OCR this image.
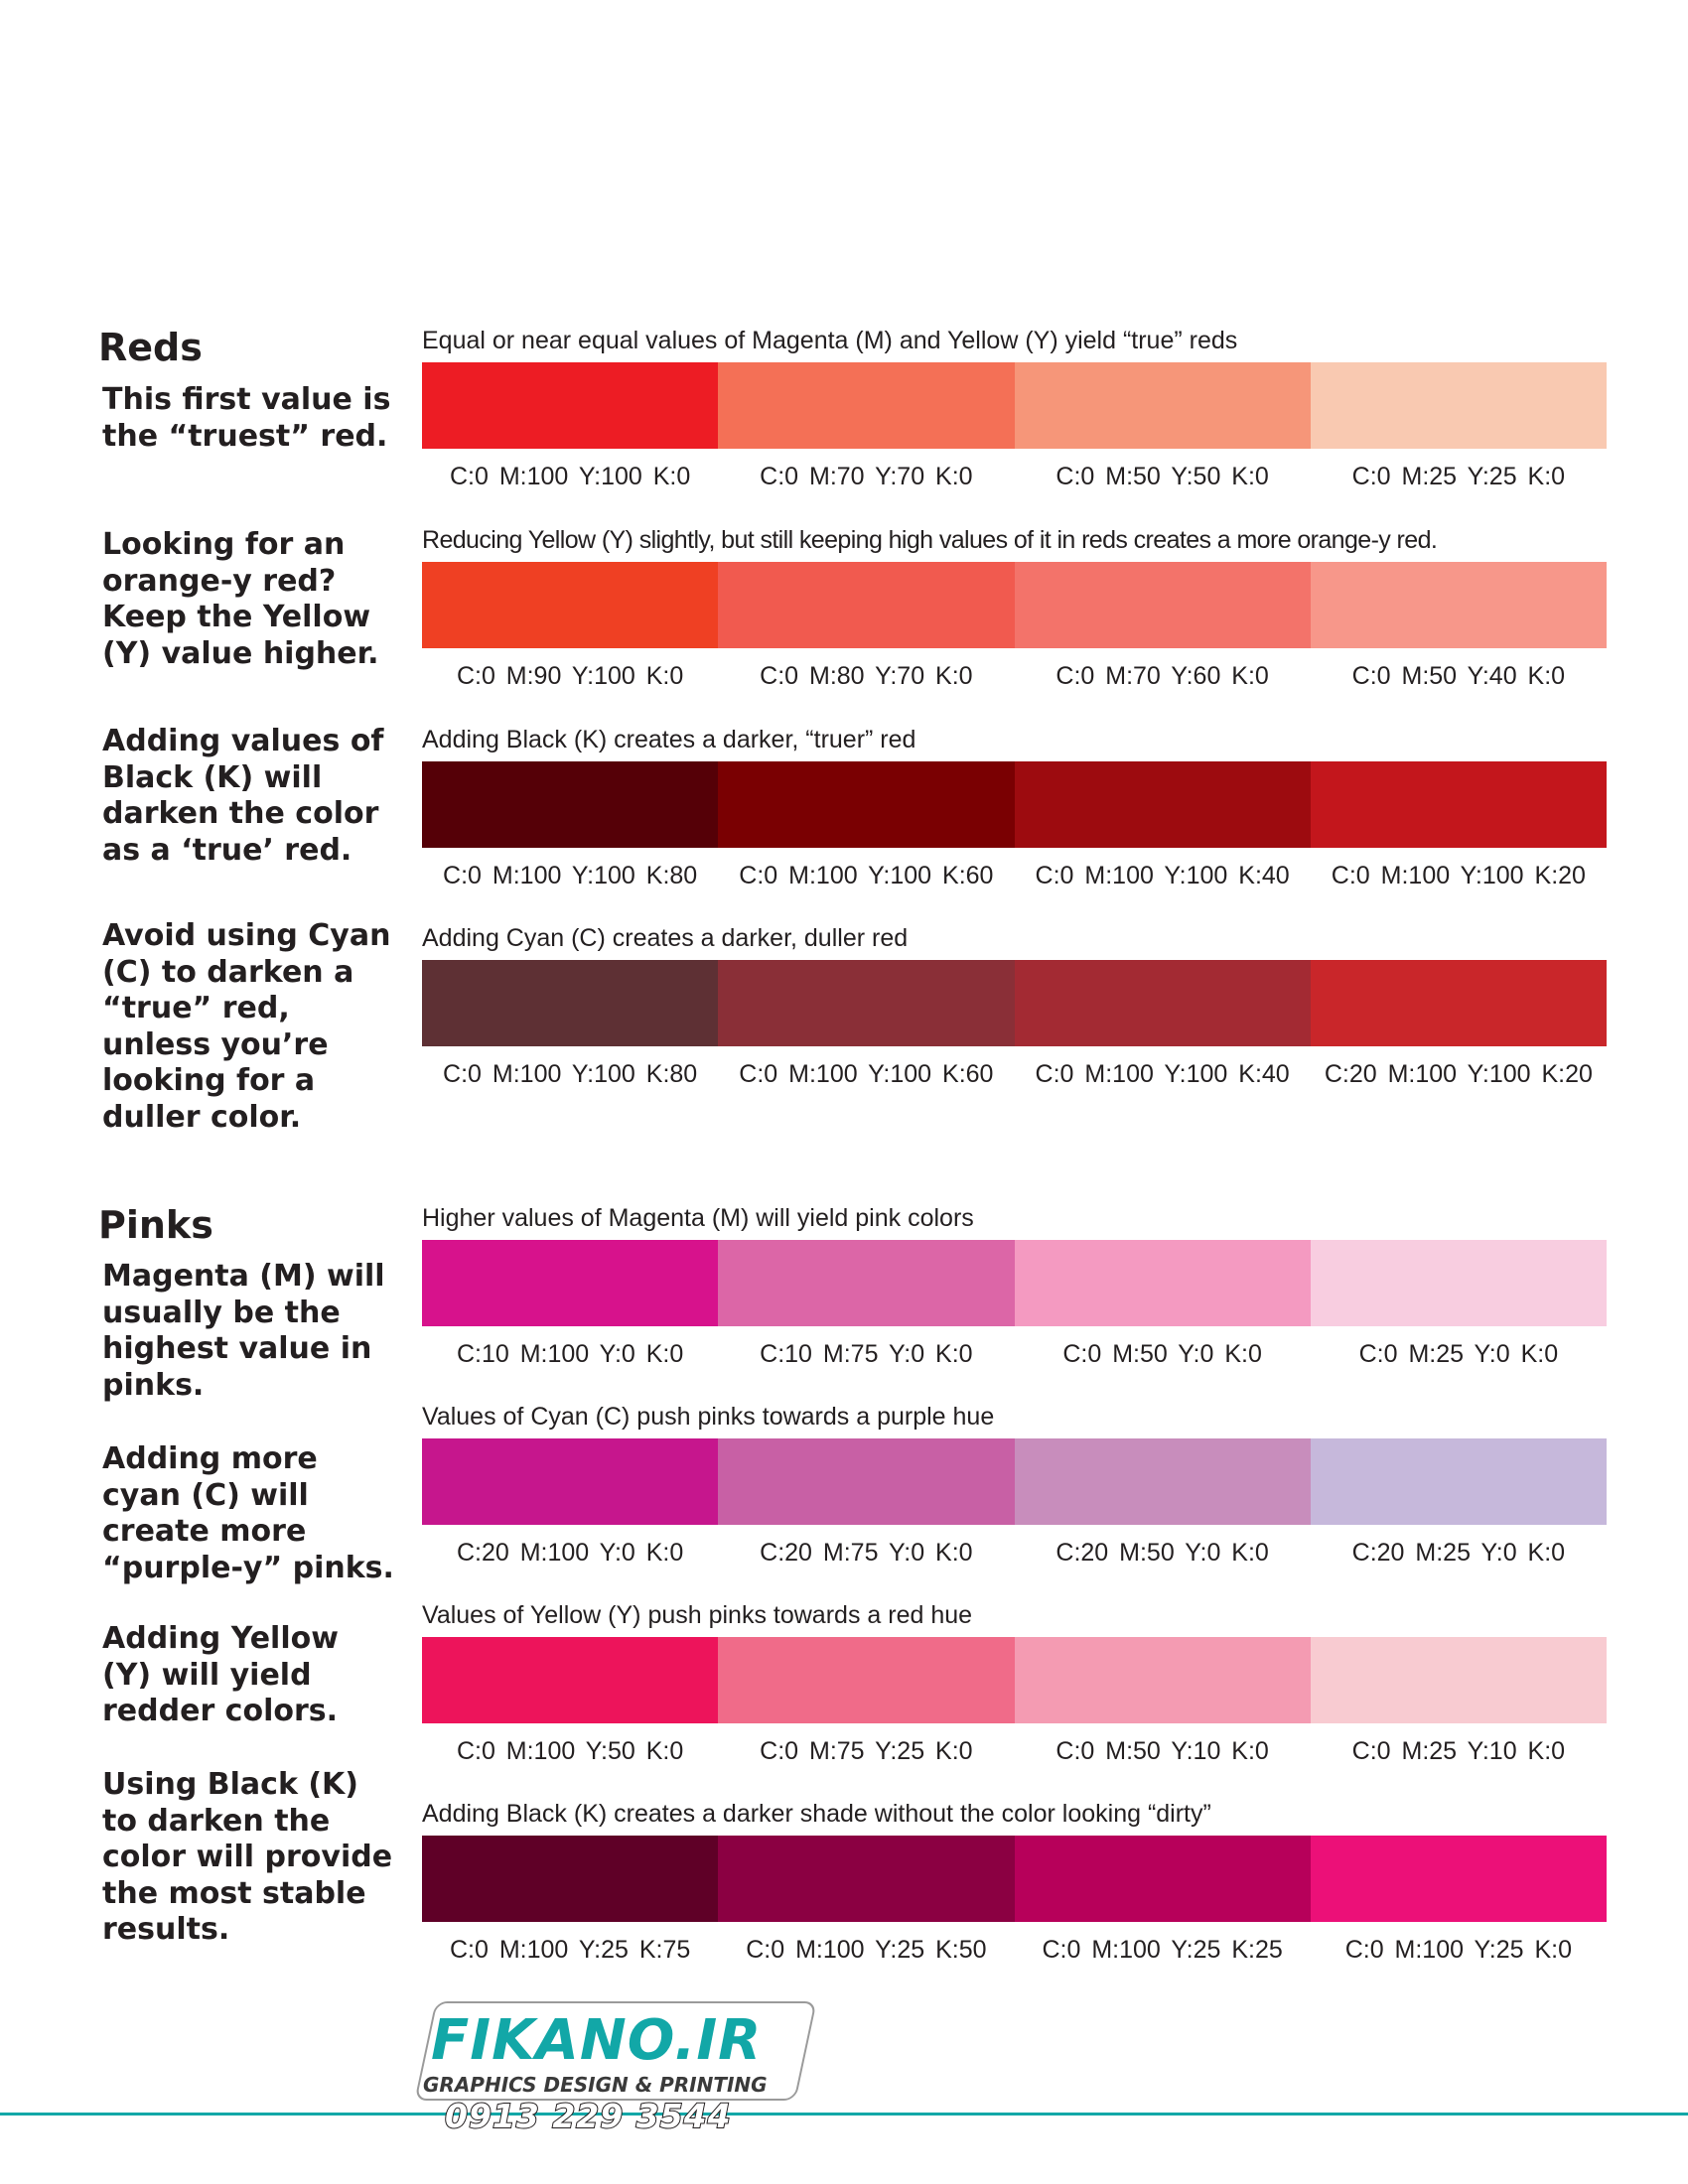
Reds
Pinks

This first value is the “truest” red.

Looking for an orange-y red? Keep the Yellow (Y) value higher.

Adding values of Black (K) will darken the color as a ‘true’ red.

Avoid using Cyan (C) to darken a “true” red, unless you’re looking for a duller color.

Magenta (M) will usually be the highest value in pinks.

Adding more cyan (C) will create more “purple-y” pinks.

Adding Yellow (Y) will yield redder colors.

Using Black (K) to darken the color will provide the most stable results.

Equal or near equal values of Magenta (M) and Yellow (Y) yield “true” reds
C:0 M:100 Y:100 K:0	C:0 M:70 Y:70 K:0	C:0 M:50 Y:50 K:0	C:0 M:25 Y:25 K:0
Reducing Yellow (Y) slightly, but still keeping high values of it in reds creates a more orange-y red.
C:0 M:90 Y:100 K:0	C:0 M:80 Y:70 K:0	C:0 M:70 Y:60 K:0	C:0 M:50 Y:40 K:0
Adding Black (K) creates a darker, “truer” red
C:0 M:100 Y:100 K:80	C:0 M:100 Y:100 K:60	C:0 M:100 Y:100 K:40	C:0 M:100 Y:100 K:20
Adding Cyan (C) creates a darker, duller red
C:0 M:100 Y:100 K:80	C:0 M:100 Y:100 K:60	C:0 M:100 Y:100 K:40	C:20 M:100 Y:100 K:20
Higher values of Magenta (M) will yield pink colors
C:10 M:100 Y:0 K:0	C:10 M:75 Y:0 K:0	C:0 M:50 Y:0 K:0	C:0 M:25 Y:0 K:0
Values of Cyan (C) push pinks towards a purple hue
C:20 M:100 Y:0 K:0	C:20 M:75 Y:0 K:0	C:20 M:50 Y:0 K:0	C:20 M:25 Y:0 K:0
Values of Yellow (Y) push pinks towards a red hue
C:0 M:100 Y:50 K:0	C:0 M:75 Y:25 K:0	C:0 M:50 Y:10 K:0	C:0 M:25 Y:10 K:0
Adding Black (K) creates a darker shade without the color looking “dirty”
C:0 M:100 Y:25 K:75	C:0 M:100 Y:25 K:50	C:0 M:100 Y:25 K:25	C:0 M:100 Y:25 K:0
FIKANO.IR
GRAPHICS DESIGN & PRINTING
0913 229 3544
